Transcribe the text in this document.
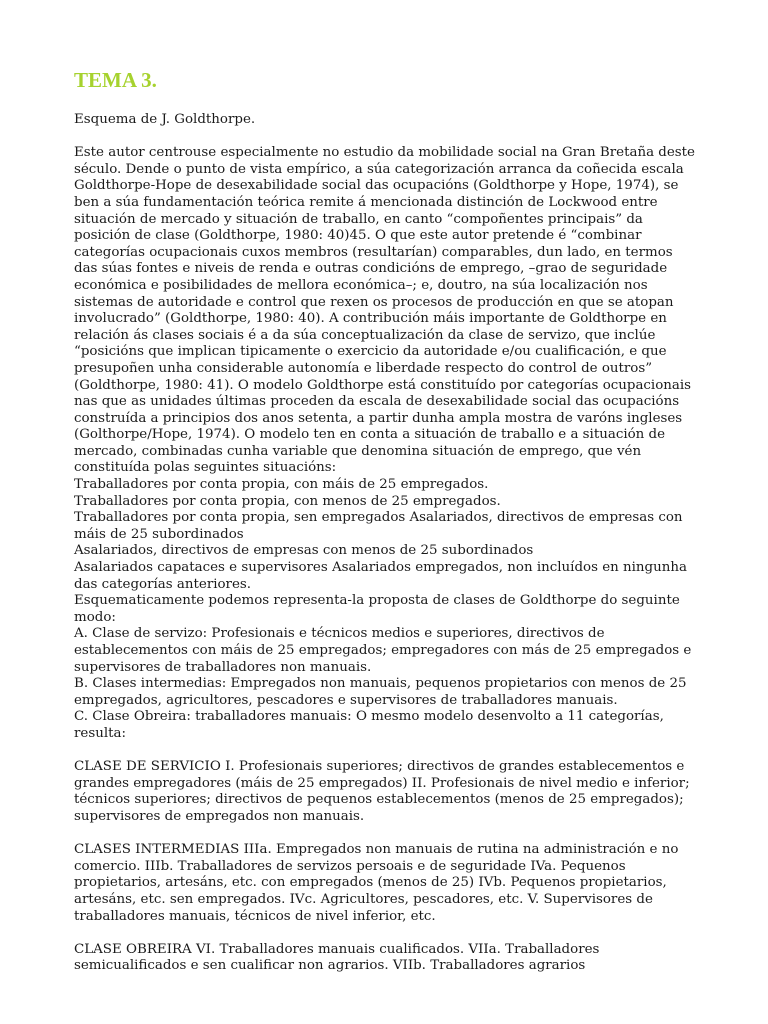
TEMA 3.

Esquema de J. Goldthorpe.

Este autor centrouse especialmente no estudio da mobilidade social na Gran Bretaña deste século. Dende o punto de vista empírico, a súa categorización arranca da coñecida escala Goldthorpe-Hope de desexabilidade social das ocupacións (Goldthorpe y Hope, 1974), se ben a súa fundamentación teórica remite á mencionada distinción de Lockwood entre situación de mercado y situación de traballo, en canto “compoñentes principais” da posición de clase (Goldthorpe, 1980: 40)45. O que este autor pretende é “combinar categorías ocupacionais cuxos membros (resultarían) comparables, dun lado, en termos das súas fontes e niveis de renda e outras condicións de emprego, –grao de seguridade económica e posibilidades de mellora económica–; e, doutro, na súa localización nos sistemas de autoridade e control que rexen os procesos de producción en que se atopan involucrado” (Goldthorpe, 1980: 40). A contribución máis importante de Goldthorpe en relación ás clases sociais é a da súa conceptualización da clase de servizo, que inclúe “posicións que implican tipicamente o exercicio da autoridade e/ou cualificación, e que presupoñen unha considerable autonomía e liberdade respecto do control de outros” (Goldthorpe, 1980: 41). O modelo Goldthorpe está constituído por categorías ocupacionais nas que as unidades últimas proceden da escala de desexabilidade social das ocupacións construída a principios dos anos setenta, a partir dunha ampla mostra de varóns ingleses (Golthorpe/Hope, 1974). O modelo ten en conta a situación de traballo e a situación de mercado, combinadas cunha variable que denomina situación de emprego, que vén constituída polas seguintes situacións:

Traballadores por conta propia, con máis de 25 empregados.

Traballadores por conta propia, con menos de 25 empregados.

Traballadores por conta propia, sen empregados Asalariados, directivos de empresas con máis de 25 subordinados

Asalariados, directivos de empresas con menos de 25 subordinados

Asalariados capataces e supervisores Asalariados empregados, non incluídos en ningunha das categorías anteriores.

Esquematicamente podemos representa-la proposta de clases de Goldthorpe do seguinte modo:

A. Clase de servizo: Profesionais e técnicos medios e superiores, directivos de establecementos con máis de 25 empregados; empregadores con más de 25 empregados e supervisores de traballadores non manuais.

B. Clases intermedias: Empregados non manuais, pequenos propietarios con menos de 25 empregados, agricultores, pescadores e supervisores de traballadores manuais.

C. Clase Obreira: traballadores manuais: O mesmo modelo desenvolto a 11 categorías, resulta:

CLASE DE SERVICIO I. Profesionais superiores; directivos de grandes establecementos e grandes empregadores (máis de 25 empregados) II. Profesionais de nivel medio e inferior; técnicos superiores; directivos de pequenos establecementos (menos de 25 empregados); supervisores de empregados non manuais.

CLASES INTERMEDIAS IIIa. Empregados non manuais de rutina na administración e no comercio. IIIb. Traballadores de servizos persoais e de seguridade IVa. Pequenos propietarios, artesáns, etc. con empregados (menos de 25) IVb. Pequenos propietarios, artesáns, etc. sen empregados. IVc. Agricultores, pescadores, etc. V. Supervisores de traballadores manuais, técnicos de nivel inferior, etc.

CLASE OBREIRA VI. Traballadores manuais cualificados. VIIa. Traballadores semicualificados e sen cualificar non agrarios. VIIb. Traballadores agrarios
